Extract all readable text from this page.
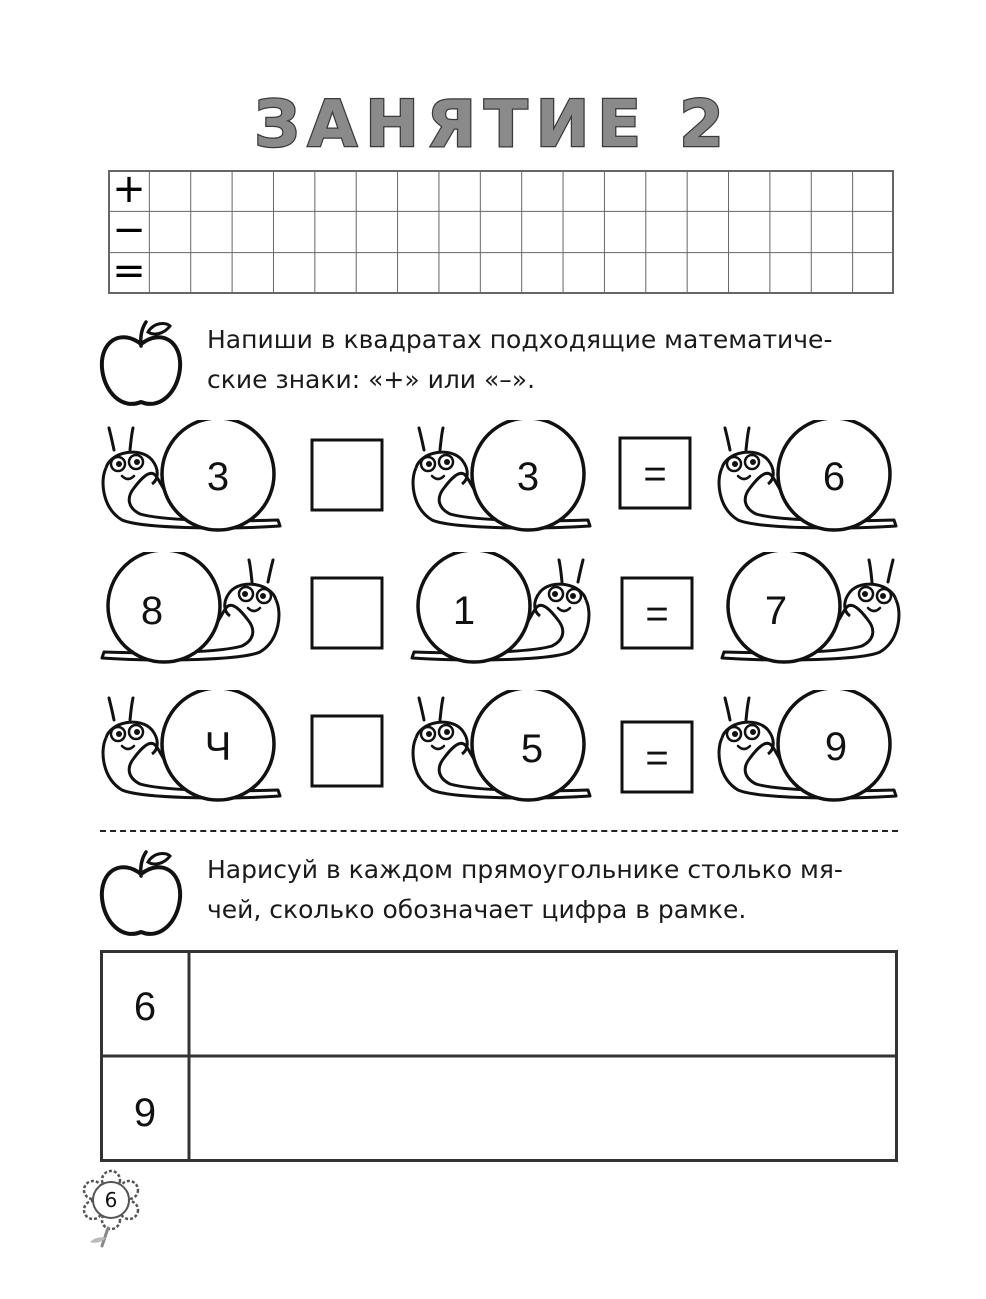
ЗАНЯТИЕ 2
+
−
=
Напиши в квадратах подходящие математиче-
ские знаки: «+» или «–».
3	3	=	6
8	1	= 7
Ч	5	=	9
Нарисуй в каждом прямоугольнике столько мя-
чей, сколько обозначает цифра в рамке.
6
9
6
